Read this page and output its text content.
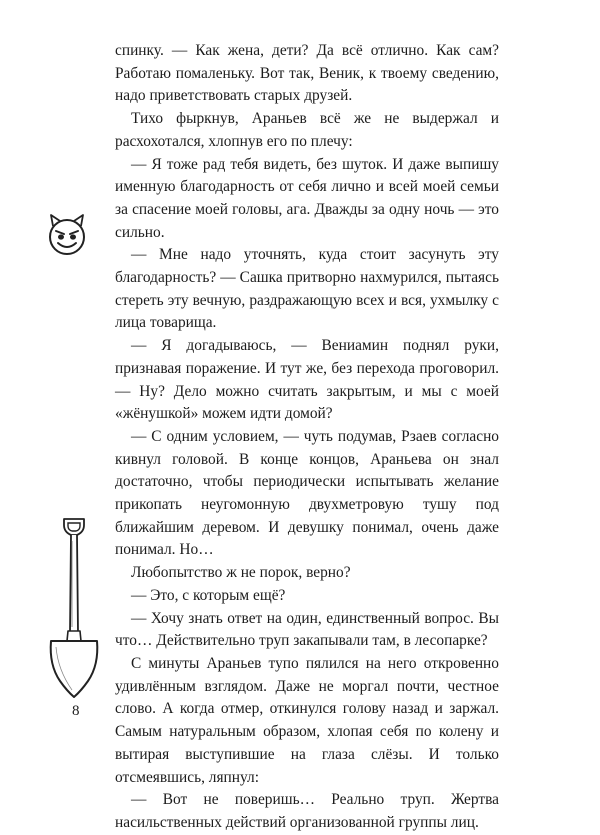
спинку. — Как жена, дети? Да всё отлично. Как сам? Работаю помаленьку. Вот так, Веник, к твоему сведению, надо приветствовать старых друзей.

Тихо фыркнув, Араньев всё же не выдержал и расхохотался, хлопнув его по плечу:

— Я тоже рад тебя видеть, без шуток. И даже выпишу именную благодарность от себя лично и всей моей семьи за спасение моей головы, ага. Дважды за одну ночь — это сильно.

— Мне надо уточнять, куда стоит засунуть эту благодарность? — Сашка притворно нахмурился, пытаясь стереть эту вечную, раздражающую всех и вся, ухмылку с лица товарища.

— Я догадываюсь, — Вениамин поднял руки, признавая поражение. И тут же, без перехода проговорил. — Ну? Дело можно считать закрытым, и мы с моей «жёнушкой» можем идти домой?

— С одним условием, — чуть подумав, Рзаев согласно кивнул головой. В конце концов, Араньева он знал достаточно, чтобы периодически испытывать желание прикопать неугомонную двухметровую тушу под ближайшим деревом. И девушку понимал, очень даже понимал. Но…

Любопытство ж не порок, верно?

— Это, с которым ещё?

— Хочу знать ответ на один, единственный вопрос. Вы что… Действительно труп закапывали там, в лесопарке?

С минуты Араньев тупо пялился на него откровенно удивлённым взглядом. Даже не моргал почти, честное слово. А когда отмер, откинулся голову назад и заржал. Самым натуральным образом, хлопая себя по колену и вытирая выступившие на глаза слёзы. И только отсмеявшись, ляпнул:

— Вот не поверишь… Реально труп. Жертва насильственных действий организованной группы лиц.

8
